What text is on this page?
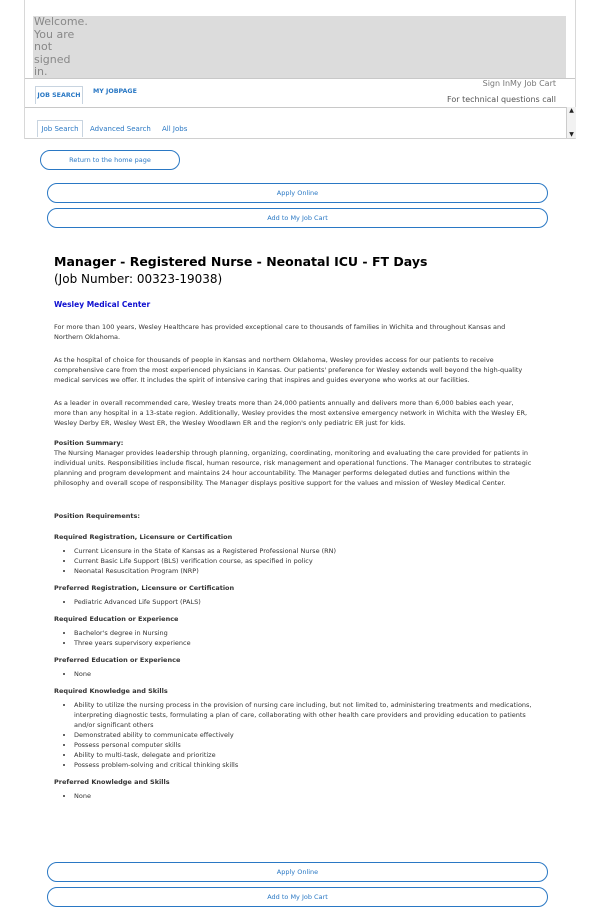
Welcome.
You are
not
signed
in.
JOB SEARCH
MY JOBPAGE
Sign InMy Job Cart
For technical questions call
Job Search	Advanced Search All Jobs
▲
▼
Return to the home page
Apply Online
Add to My Job Cart
Manager - Registered Nurse - Neonatal ICU - FT Days
(Job Number: 00323-19038)
Wesley Medical Center

For more than 100 years, Wesley Healthcare has provided exceptional care to thousands of families in Wichita and throughout Kansas and Northern Oklahoma.

As the hospital of choice for thousands of people in Kansas and northern Oklahoma, Wesley provides access for our patients to receive comprehensive care from the most experienced physicians in Kansas. Our patients' preference for Wesley extends well beyond the high-quality medical services we offer. It includes the spirit of intensive caring that inspires and guides everyone who works at our facilities.

As a leader in overall recommended care, Wesley treats more than 24,000 patients annually and delivers more than 6,000 babies each year, more than any hospital in a 13-state region. Additionally, Wesley provides the most extensive emergency network in Wichita with the Wesley ER, Wesley Derby ER, Wesley West ER, the Wesley Woodlawn ER and the region's only pediatric ER just for kids.

Position Summary:
The Nursing Manager provides leadership through planning, organizing, coordinating, monitoring and evaluating the care provided for patients in individual units. Responsibilities include fiscal, human resource, risk management and operational functions. The Manager contributes to strategic planning and program development and maintains 24 hour accountability. The Manager performs delegated duties and functions within the philosophy and overall scope of responsibility. The Manager displays positive support for the values and mission of Wesley Medical Center.
Position Requirements:
Required Registration, Licensure or Certification
• Current Licensure in the State of Kansas as a Registered Professional Nurse (RN)
• Current Basic Life Support (BLS) verification course, as specified in policy
• Neonatal Resuscitation Program (NRP)
Preferred Registration, Licensure or Certification
• Pediatric Advanced Life Support (PALS)
Required Education or Experience
• Bachelor's degree in Nursing
• Three years supervisory experience
Preferred Education or Experience
• None
Required Knowledge and Skills
• Ability to utilize the nursing process in the provision of nursing care including, but not limited to, administering treatments and medications, interpreting diagnostic tests, formulating a plan of care, collaborating with other health care providers and providing education to patients and/or significant others
• Demonstrated ability to communicate effectively
• Possess personal computer skills
• Ability to multi-task, delegate and prioritize
• Possess problem-solving and critical thinking skills
Preferred Knowledge and Skills
• None
Apply Online
Add to My Job Cart
